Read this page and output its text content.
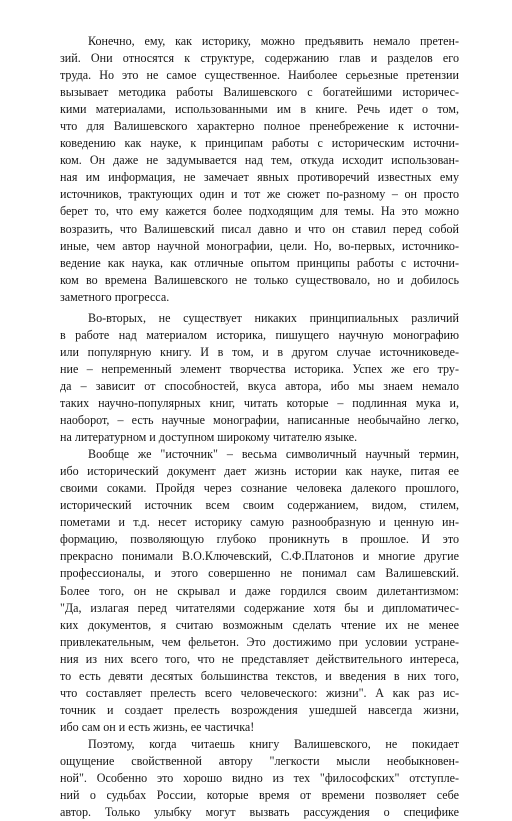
Конечно, ему, как историку, можно предъявить немало претен-
зий. Они относятся к структуре, содержанию глав и разделов его
труда. Но это не самое существенное. Наиболее серьезные претензии
вызывает методика работы Валишевского с богатейшими историчес-
кими материалами, использованными им в книге. Речь идет о том,
что для Валишевского характерно полное пренебрежение к источни-
коведению как науке, к принципам работы с историческим источни-
ком. Он даже не задумывается над тем, откуда исходит использован-
ная им информация, не замечает явных противоречий известных ему
источников, трактующих один и тот же сюжет по-разному – он просто
берет то, что ему кажется более подходящим для темы. На это можно
возразить, что Валишевский писал давно и что он ставил перед собой
иные, чем автор научной монографии, цели. Но, во-первых, источнико-
ведение как наука, как отличные опытом принципы работы с источни-
ком во времена Валишевского не только существовало, но и добилось
заметного прогресса.
Во-вторых, не существует никаких принципиальных различий
в работе над материалом историка, пишущего научную монографию
или популярную книгу. И в том, и в другом случае источниковеде-
ние – непременный элемент творчества историка. Успех же его тру-
да – зависит от способностей, вкуса автора, ибо мы знаем немало
таких научно-популярных книг, читать которые – подлинная мука и,
наоборот, – есть научные монографии, написанные необычайно легко,
на литературном и доступном широкому читателю языке.
Вообще же "источник" – весьма символичный научный термин,
ибо исторический документ дает жизнь истории как науке, питая ее
своими соками. Пройдя через сознание человека далекого прошлого,
исторический источник всем своим содержанием, видом, стилем,
пометами и т.д. несет историку самую разнообразную и ценную ин-
формацию, позволяющую глубоко проникнуть в прошлое. И это
прекрасно понимали В.О.Ключевский, С.Ф.Платонов и многие другие
профессионалы, и этого совершенно не понимал сам Валишевский.
Более того, он не скрывал и даже гордился своим дилетантизмом:
"Да, излагая перед читателями содержание хотя бы и дипломатичес-
ких документов, я считаю возможным сделать чтение их не менее
привлекательным, чем фельетон. Это достижимо при условии устране-
ния из них всего того, что не представляет действительного интереса,
то есть девяти десятых большинства текстов, и введения в них того,
что составляет прелесть всего человеческого: жизни". А как раз ис-
точник и создает прелесть возрождения ушедшей навсегда жизни,
ибо сам он и есть жизнь, ее частичка!
Поэтому, когда читаешь книгу Валишевского, не покидает
ощущение свойственной автору "легкости мысли необыкновен-
ной". Особенно это хорошо видно из тех "философских" отступле-
ний о судьбах России, которые время от времени позволяет себе
автор. Только улыбку могут вызвать рассуждения о специфике
